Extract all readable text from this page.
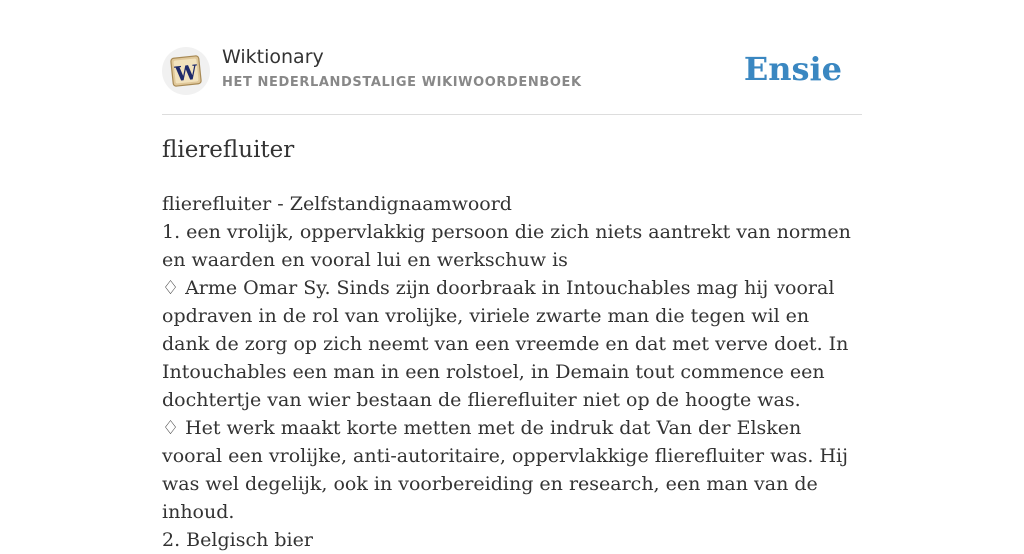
W
Wiktionary
HET NEDERLANDSTALIGE WIKIWOORDENBOEK	Ensie
flierefluiter
flierefluiter - Zelfstandignaamwoord
1. een vrolijk, oppervlakkig persoon die zich niets aantrekt van normen en waarden en vooral lui en werkschuw is
♢ Arme Omar Sy. Sinds zijn doorbraak in Intouchables mag hij vooral opdraven in de rol van vrolijke, viriele zwarte man die tegen wil en dank de zorg op zich neemt van een vreemde en dat met verve doet. In Intouchables een man in een rolstoel, in Demain tout commence een dochtertje van wier bestaan de flierefluiter niet op de hoogte was.
♢ Het werk maakt korte metten met de indruk dat Van der Elsken vooral een vrolijke, anti-autoritaire, oppervlakkige flierefluiter was. Hij was wel degelijk, ook in voorbereiding en research, een man van de inhoud.
2. Belgisch bier
